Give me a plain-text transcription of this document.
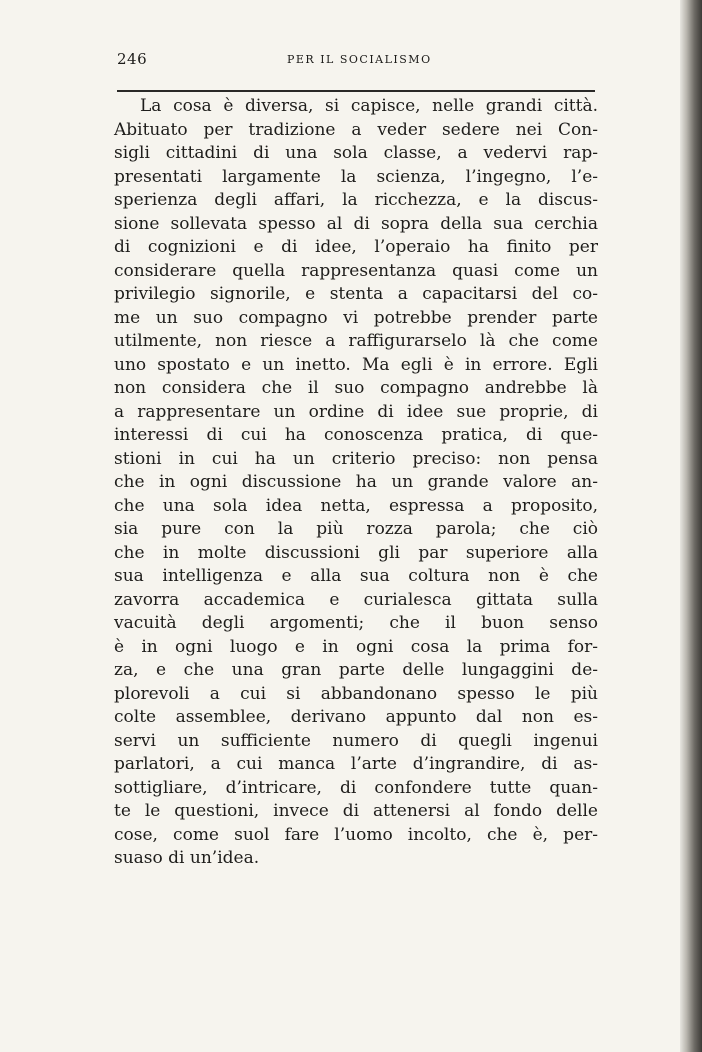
246	PER IL SOCIALISMO
La cosa è diversa, si capisce, nelle grandi città.
Abituato per tradizione a veder sedere nei Con-
sigli cittadini di una sola classe, a vedervi rap-
presentati largamente la scienza, l’ingegno, l’e-
sperienza degli affari, la ricchezza, e la discus-
sione sollevata spesso al di sopra della sua cerchia
di cognizioni e di idee, l’operaio ha finito per
considerare quella rappresentanza quasi come un
privilegio signorile, e stenta a capacitarsi del co-
me un suo compagno vi potrebbe prender parte
utilmente, non riesce a raffigurarselo là che come
uno spostato e un inetto. Ma egli è in errore. Egli
non considera che il suo compagno andrebbe là
a rappresentare un ordine di idee sue proprie, di
interessi di cui ha conoscenza pratica, di que-
stioni in cui ha un criterio preciso: non pensa
che in ogni discussione ha un grande valore an-
che una sola idea netta, espressa a proposito,
sia pure con la più rozza parola; che ciò
che in molte discussioni gli par superiore alla
sua intelligenza e alla sua coltura non è che
zavorra accademica e curialesca gittata sulla
vacuità degli argomenti; che il buon senso
è in ogni luogo e in ogni cosa la prima for-
za, e che una gran parte delle lungaggini de-
plorevoli a cui si abbandonano spesso le più
colte assemblee, derivano appunto dal non es-
servi un sufficiente numero di quegli ingenui
parlatori, a cui manca l’arte d’ingrandire, di as-
sottigliare, d’intricare, di confondere tutte quan-
te le questioni, invece di attenersi al fondo delle
cose, come suol fare l’uomo incolto, che è, per-
suaso di un’idea.
